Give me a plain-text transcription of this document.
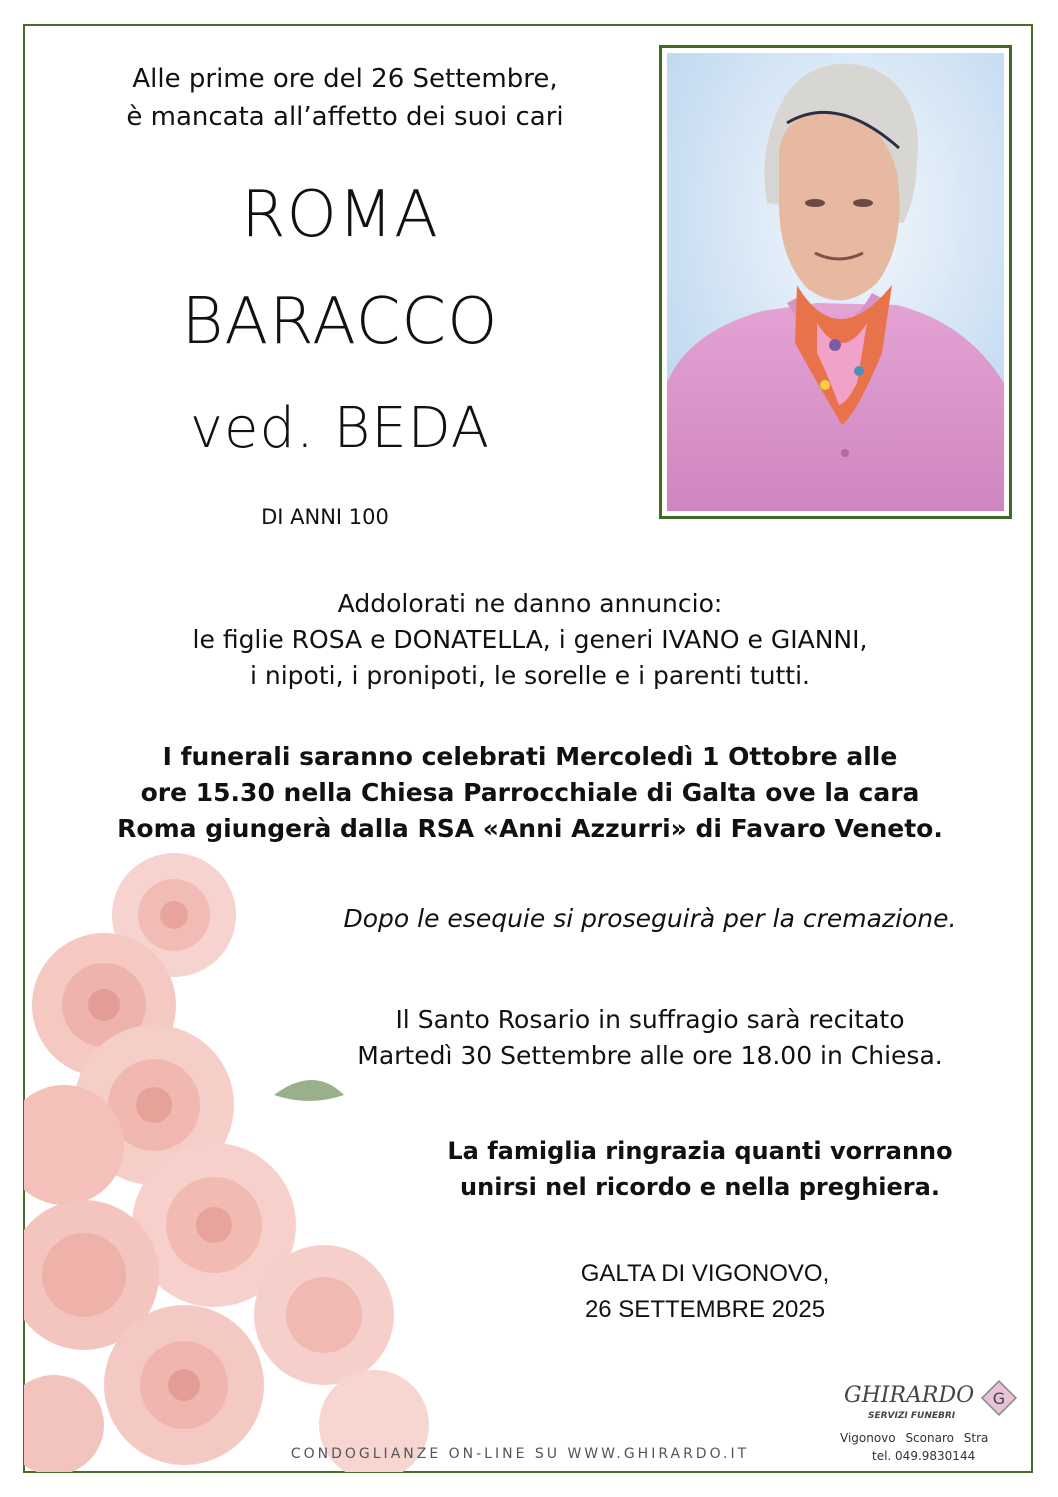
Alle prime ore del 26 Settembre,
è mancata all’affetto dei suoi cari
ROMA
BARACCO
ved. BEDA
DI ANNI 100
Addolorati ne danno annuncio:
le figlie ROSA e DONATELLA, i generi IVANO e GIANNI,
i nipoti, i pronipoti, le sorelle e i parenti tutti.
I funerali saranno celebrati Mercoledì 1 Ottobre alle
ore 15.30 nella Chiesa Parrocchiale di Galta ove la cara
Roma giungerà dalla RSA «Anni Azzurri» di Favaro Veneto.
Dopo le esequie si proseguirà per la cremazione.
Il Santo Rosario in suffragio sarà recitato
Martedì 30 Settembre alle ore 18.00 in Chiesa.
La famiglia ringrazia quanti vorranno
unirsi nel ricordo e nella preghiera.
GALTA DI VIGONOVO,
26 SETTEMBRE 2025
CONDOGLIANZE ON-LINE SU WWW.GHIRARDO.IT
GHIRARDO
SERVIZI FUNEBRI
G
Vigonovo Sconaro Stra
tel. 049.9830144
